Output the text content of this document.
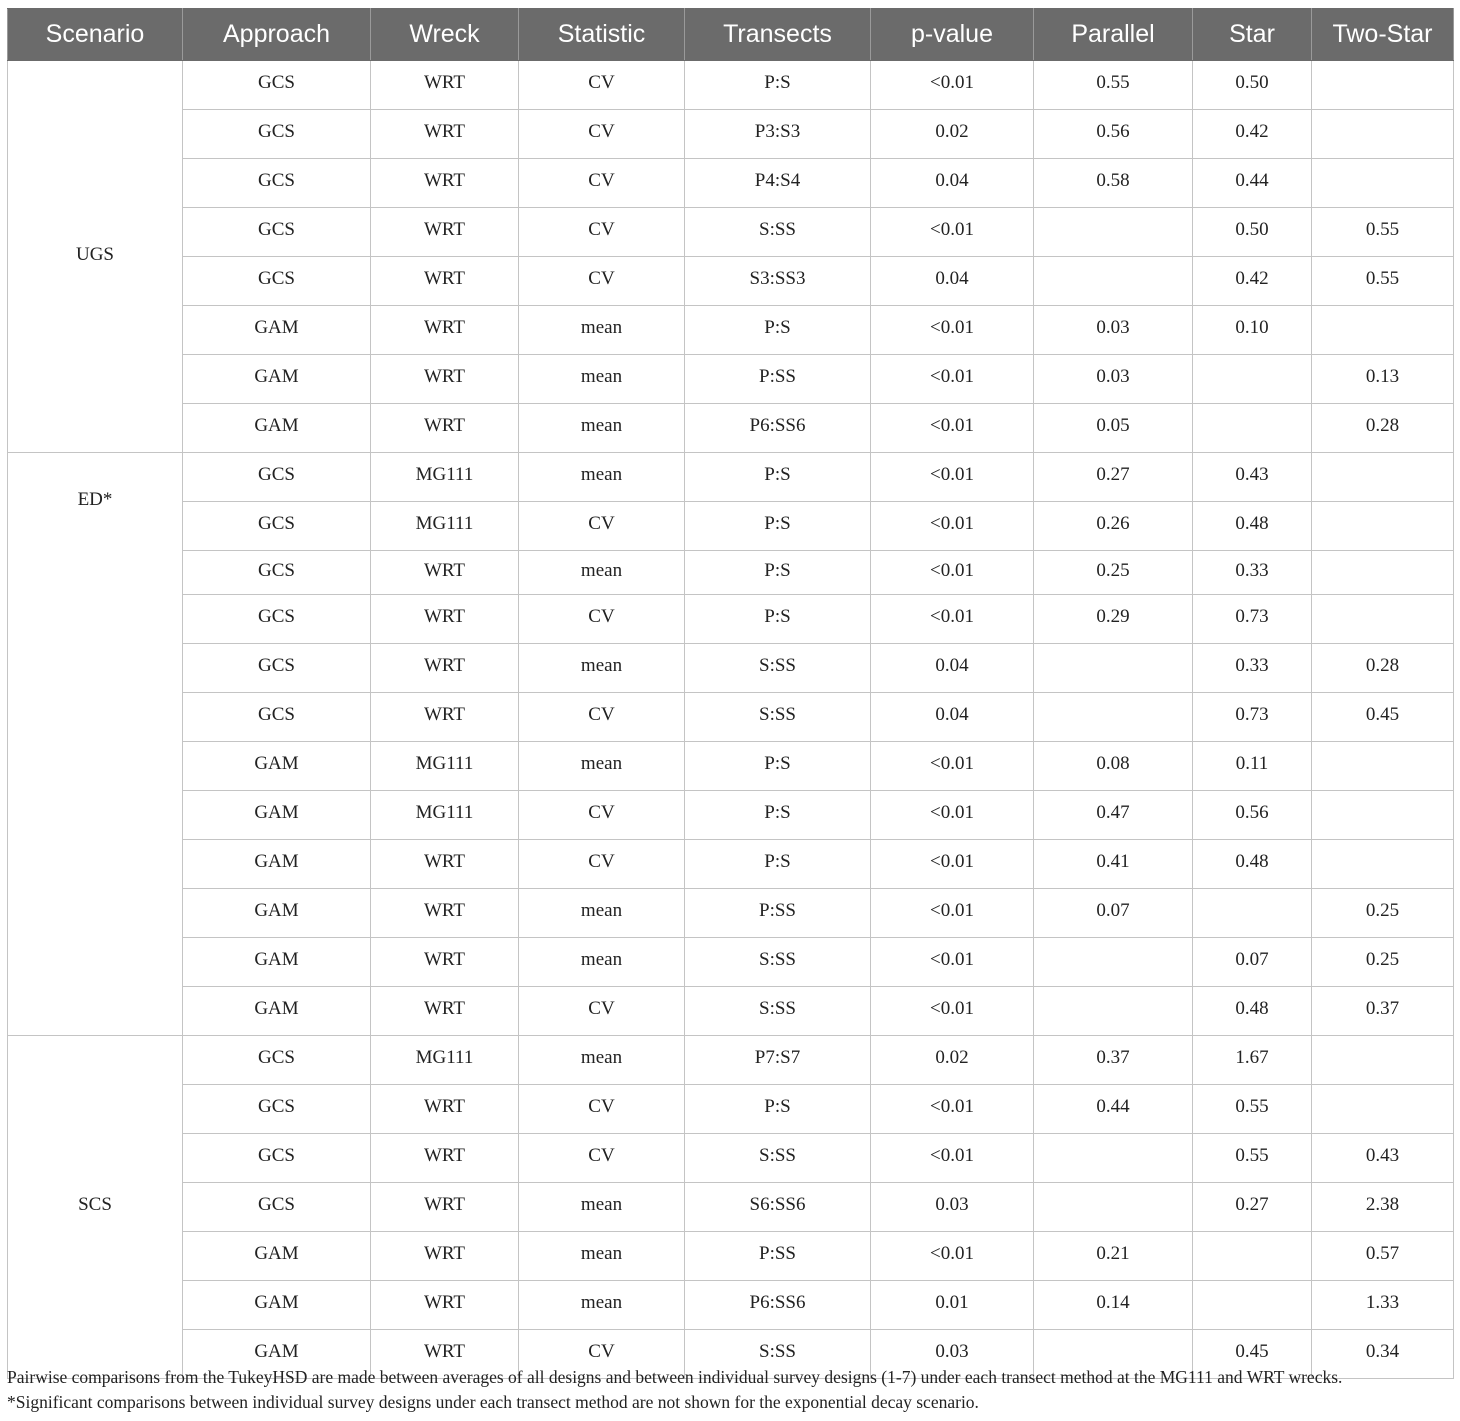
Scenario	Approach	Wreck	Statistic	Transects	p-value	Parallel	Star	Two-Star
UGS	GCS	WRT	CV	P:S	<0.01	0.55	0.50	
	GCS	WRT	CV	P3:S3	0.02	0.56	0.42	
	GCS	WRT	CV	P4:S4	0.04	0.58	0.44	
	GCS	WRT	CV	S:SS	<0.01		0.50	0.55
	GCS	WRT	CV	S3:SS3	0.04		0.42	0.55
	GAM	WRT	mean	P:S	<0.01	0.03	0.10	
	GAM	WRT	mean	P:SS	<0.01	0.03		0.13
	GAM	WRT	mean	P6:SS6	<0.01	0.05		0.28
ED*	GCS	MG111	mean	P:S	<0.01	0.27	0.43	
	GCS	MG111	CV	P:S	<0.01	0.26	0.48	
	GCS	WRT	mean	P:S	<0.01	0.25	0.33	
	GCS	WRT	CV	P:S	<0.01	0.29	0.73	
	GCS	WRT	mean	S:SS	0.04		0.33	0.28
	GCS	WRT	CV	S:SS	0.04		0.73	0.45
	GAM	MG111	mean	P:S	<0.01	0.08	0.11	
	GAM	MG111	CV	P:S	<0.01	0.47	0.56	
	GAM	WRT	CV	P:S	<0.01	0.41	0.48	
	GAM	WRT	mean	P:SS	<0.01	0.07		0.25
	GAM	WRT	mean	S:SS	<0.01		0.07	0.25
	GAM	WRT	CV	S:SS	<0.01		0.48	0.37
SCS	GCS	MG111	mean	P7:S7	0.02	0.37	1.67	
	GCS	WRT	CV	P:S	<0.01	0.44	0.55	
	GCS	WRT	CV	S:SS	<0.01		0.55	0.43
	GCS	WRT	mean	S6:SS6	0.03		0.27	2.38
	GAM	WRT	mean	P:SS	<0.01	0.21		0.57
	GAM	WRT	mean	P6:SS6	0.01	0.14		1.33
	GAM	WRT	CV	S:SS	0.03		0.45	0.34

Pairwise comparisons from the TukeyHSD are made between averages of all designs and between individual survey designs (1-7) under each transect method at the MG111 and WRT wrecks.

*Significant comparisons between individual survey designs under each transect method are not shown for the exponential decay scenario.
